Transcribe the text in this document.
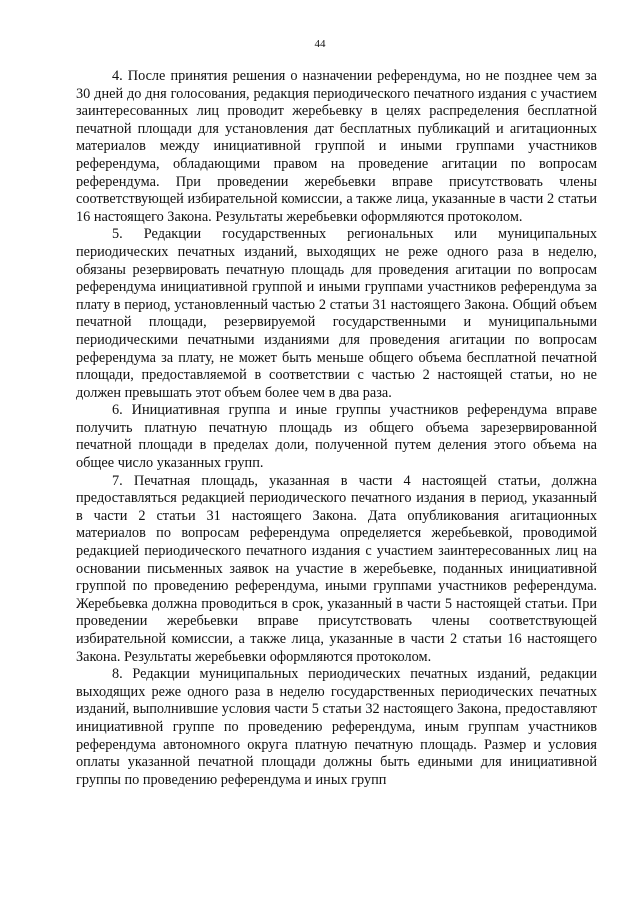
44

4. После принятия решения о назначении референдума, но не позднее чем за 30 дней до дня голосования, редакция периодического печатного издания с участием заинтересованных лиц проводит жеребьевку в целях распределения бесплатной печатной площади для установления дат бесплатных публикаций и агитационных материалов между инициативной группой и иными группами участников референдума, обладающими правом на проведение агитации по вопросам референдума. При проведении жеребьевки вправе присутствовать члены соответствующей избирательной комиссии, а также лица, указанные в части 2 статьи 16 настоящего Закона. Результаты жеребьевки оформляются протоколом.

5. Редакции государственных региональных или муниципальных периодических печатных изданий, выходящих не реже одного раза в неделю, обязаны резервировать печатную площадь для проведения агитации по вопросам референдума инициативной группой и иными группами участников референдума за плату в период, установленный частью 2 статьи 31 настоящего Закона. Общий объем печатной площади, резервируемой государственными и муниципальными периодическими печатными изданиями для проведения агитации по вопросам референдума за плату, не может быть меньше общего объема бесплатной печатной площади, предоставляемой в соответствии с частью 2 настоящей статьи, но не должен превышать этот объем более чем в два раза.

6. Инициативная группа и иные группы участников референдума вправе получить платную печатную площадь из общего объема зарезервированной печатной площади в пределах доли, полученной путем деления этого объема на общее число указанных групп.

7. Печатная площадь, указанная в части 4 настоящей статьи, должна предоставляться редакцией периодического печатного издания в период, указанный в части 2 статьи 31 настоящего Закона. Дата опубликования агитационных материалов по вопросам референдума определяется жеребьевкой, проводимой редакцией периодического печатного издания с участием заинтересованных лиц на основании письменных заявок на участие в жеребьевке, поданных инициативной группой по проведению референдума, иными группами участников референдума. Жеребьевка должна проводиться в срок, указанный в части 5 настоящей статьи. При проведении жеребьевки вправе присутствовать члены соответствующей избирательной комиссии, а также лица, указанные в части 2 статьи 16 настоящего Закона. Результаты жеребьевки оформляются протоколом.

8. Редакции муниципальных периодических печатных изданий, редакции выходящих реже одного раза в неделю государственных периодических печатных изданий, выполнившие условия части 5 статьи 32 настоящего Закона, предоставляют инициативной группе по проведению референдума, иным группам участников референдума автономного округа платную печатную площадь. Размер и условия оплаты указанной печатной площади должны быть едиными для инициативной группы по проведению референдума и иных групп
